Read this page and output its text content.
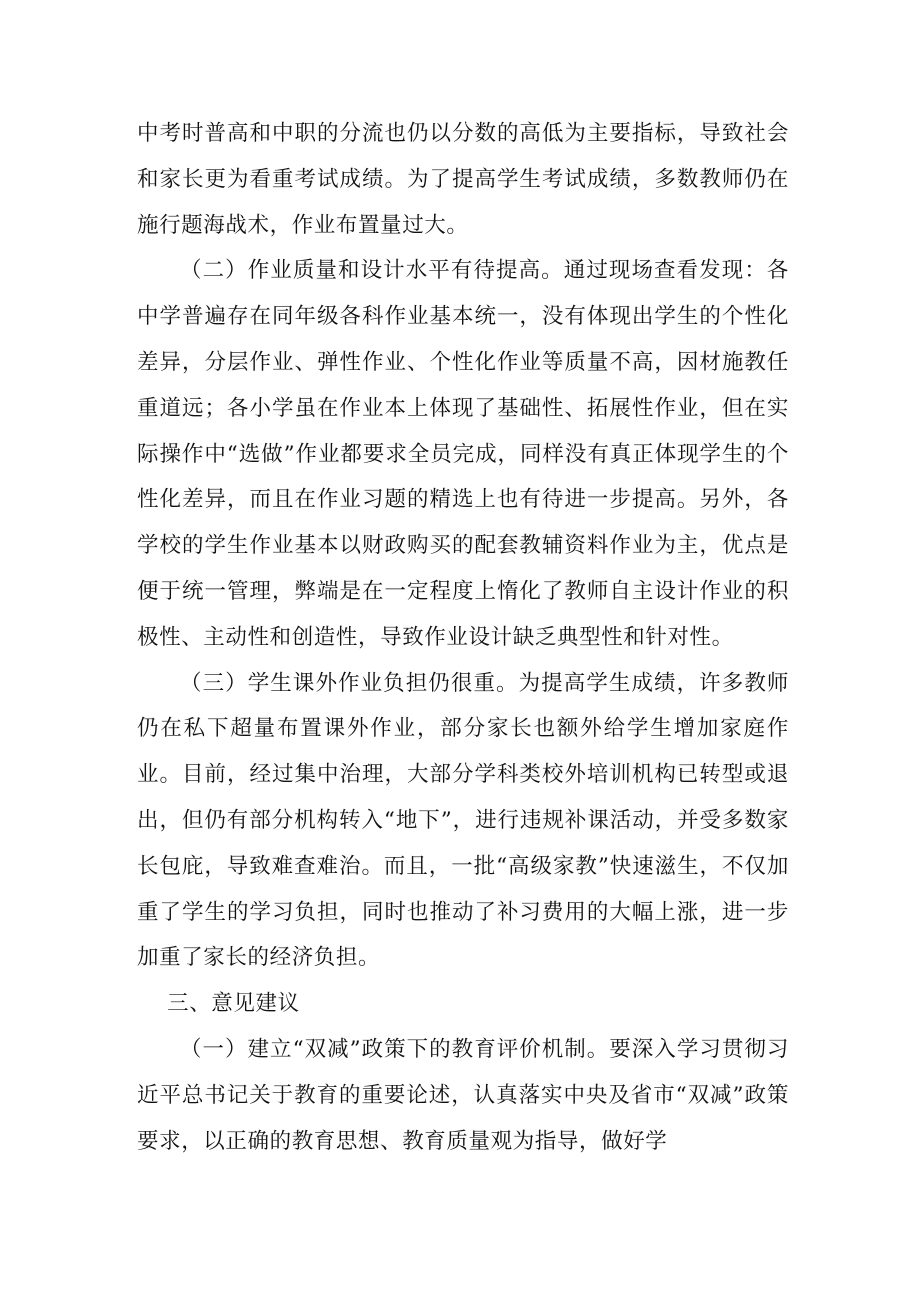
中考时普高和中职的分流也仍以分数的高低为主要指标，导致社会和家长更为看重考试成绩。为了提高学生考试成绩，多数教师仍在施行题海战术，作业布置量过大。

（二）作业质量和设计水平有待提高。通过现场查看发现：各中学普遍存在同年级各科作业基本统一，没有体现出学生的个性化差异，分层作业、弹性作业、个性化作业等质量不高，因材施教任重道远；各小学虽在作业本上体现了基础性、拓展性作业，但在实际操作中“选做”作业都要求全员完成，同样没有真正体现学生的个性化差异，而且在作业习题的精选上也有待进一步提高。另外，各学校的学生作业基本以财政购买的配套教辅资料作业为主，优点是便于统一管理，弊端是在一定程度上惰化了教师自主设计作业的积极性、主动性和创造性，导致作业设计缺乏典型性和针对性。

（三）学生课外作业负担仍很重。为提高学生成绩，许多教师仍在私下超量布置课外作业，部分家长也额外给学生增加家庭作业。目前，经过集中治理，大部分学科类校外培训机构已转型或退出，但仍有部分机构转入“地下”，进行违规补课活动，并受多数家长包庇，导致难查难治。而且，一批“高级家教”快速滋生，不仅加重了学生的学习负担，同时也推动了补习费用的大幅上涨，进一步加重了家长的经济负担。

三、意见建议

（一）建立“双减”政策下的教育评价机制。要深入学习贯彻习近平总书记关于教育的重要论述，认真落实中央及省市“双减”政策要求，以正确的教育思想、教育质量观为指导，做好学
